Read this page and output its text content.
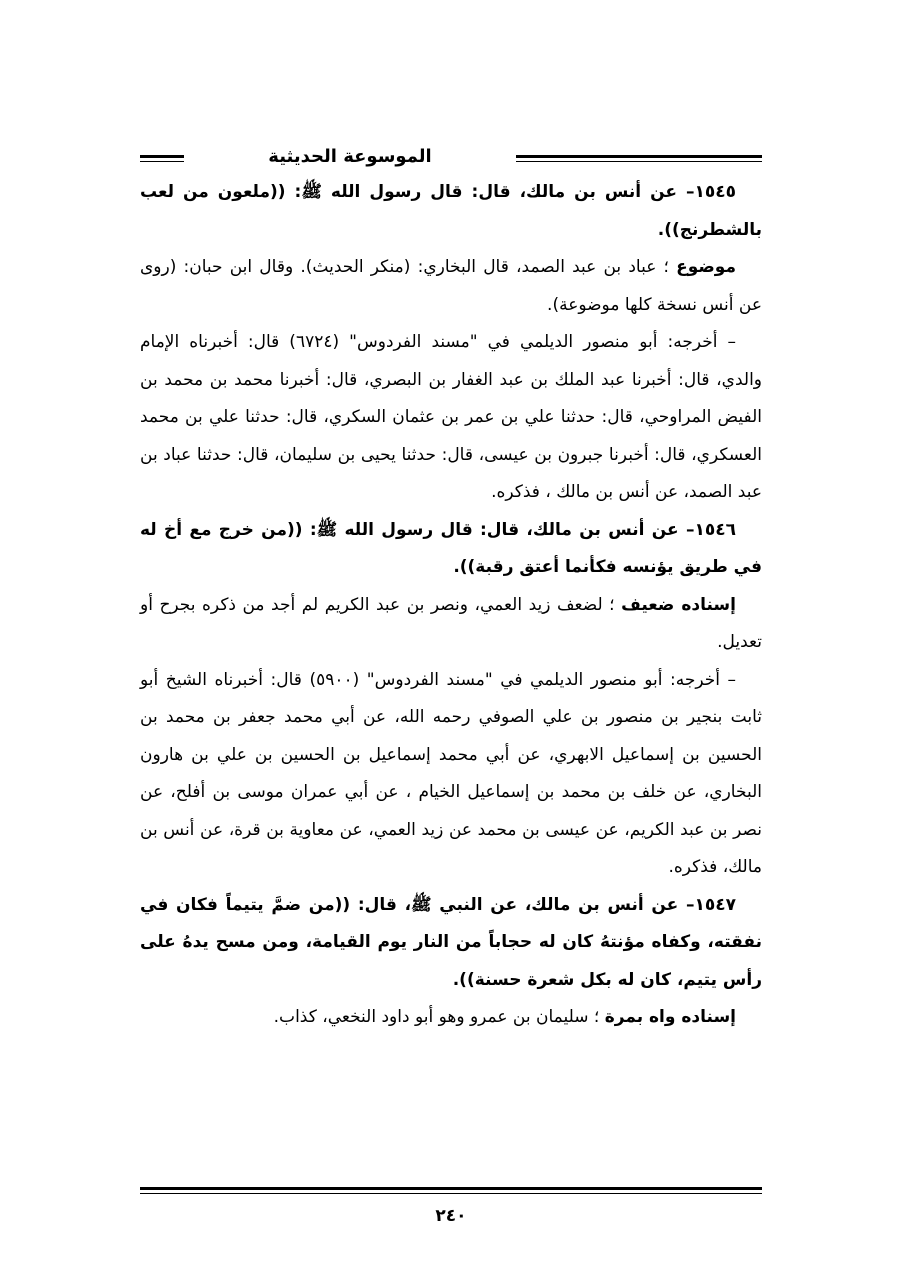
الموسوعة الحديثية

١٥٤٥– عن أنس بن مالك، قال: قال رسول الله ﷺ: ((ملعون من لعب بالشطرنج)).

موضوع ؛ عباد بن عبد الصمد، قال البخاري: (منكر الحديث). وقال ابن حبان: (روى عن أنس نسخة كلها موضوعة).

– أخرجه: أبو منصور الديلمي في "مسند الفردوس" (٦٧٢٤) قال: أخبرناه الإمام والدي، قال: أخبرنا عبد الملك بن عبد الغفار بن البصري، قال: أخبرنا محمد بن محمد بن الفيض المراوحي، قال: حدثنا علي بن عمر بن عثمان السكري، قال: حدثنا علي بن محمد العسكري، قال: أخبرنا جبرون بن عيسى، قال: حدثنا يحيى بن سليمان، قال: حدثنا عباد بن عبد الصمد، عن أنس بن مالك ، فذكره.

١٥٤٦– عن أنس بن مالك، قال: قال رسول الله ﷺ: ((من خرج مع أخ له في طريق يؤنسه فكأنما أعتق رقبة)).

إسناده ضعيف ؛ لضعف زيد العمي، ونصر بن عبد الكريم لم أجد من ذكره بجرح أو تعديل.

– أخرجه: أبو منصور الديلمي في "مسند الفردوس" (٥٩٠٠) قال: أخبرناه الشيخ أبو ثابت بنجير بن منصور بن علي الصوفي رحمه الله، عن أبي محمد جعفر بن محمد بن الحسين بن إسماعيل الابهري، عن أبي محمد إسماعيل بن الحسين بن علي بن هارون البخاري، عن خلف بن محمد بن إسماعيل الخيام ، عن أبي عمران موسى بن أفلح، عن نصر بن عبد الكريم، عن عيسى بن محمد عن زيد العمي، عن معاوية بن قرة، عن أنس بن مالك، فذكره.

١٥٤٧– عن أنس بن مالك، عن النبي ﷺ، قال: ((من ضمَّ يتيماً فكان في نفقته، وكفاه مؤنتهُ كان له حجاباً من النار يوم القيامة، ومن مسح يدهُ على رأس يتيم، كان له بكل شعرة حسنة)).

إسناده واه بمرة ؛ سليمان بن عمرو وهو أبو داود النخعي، كذاب.

٢٤٠
